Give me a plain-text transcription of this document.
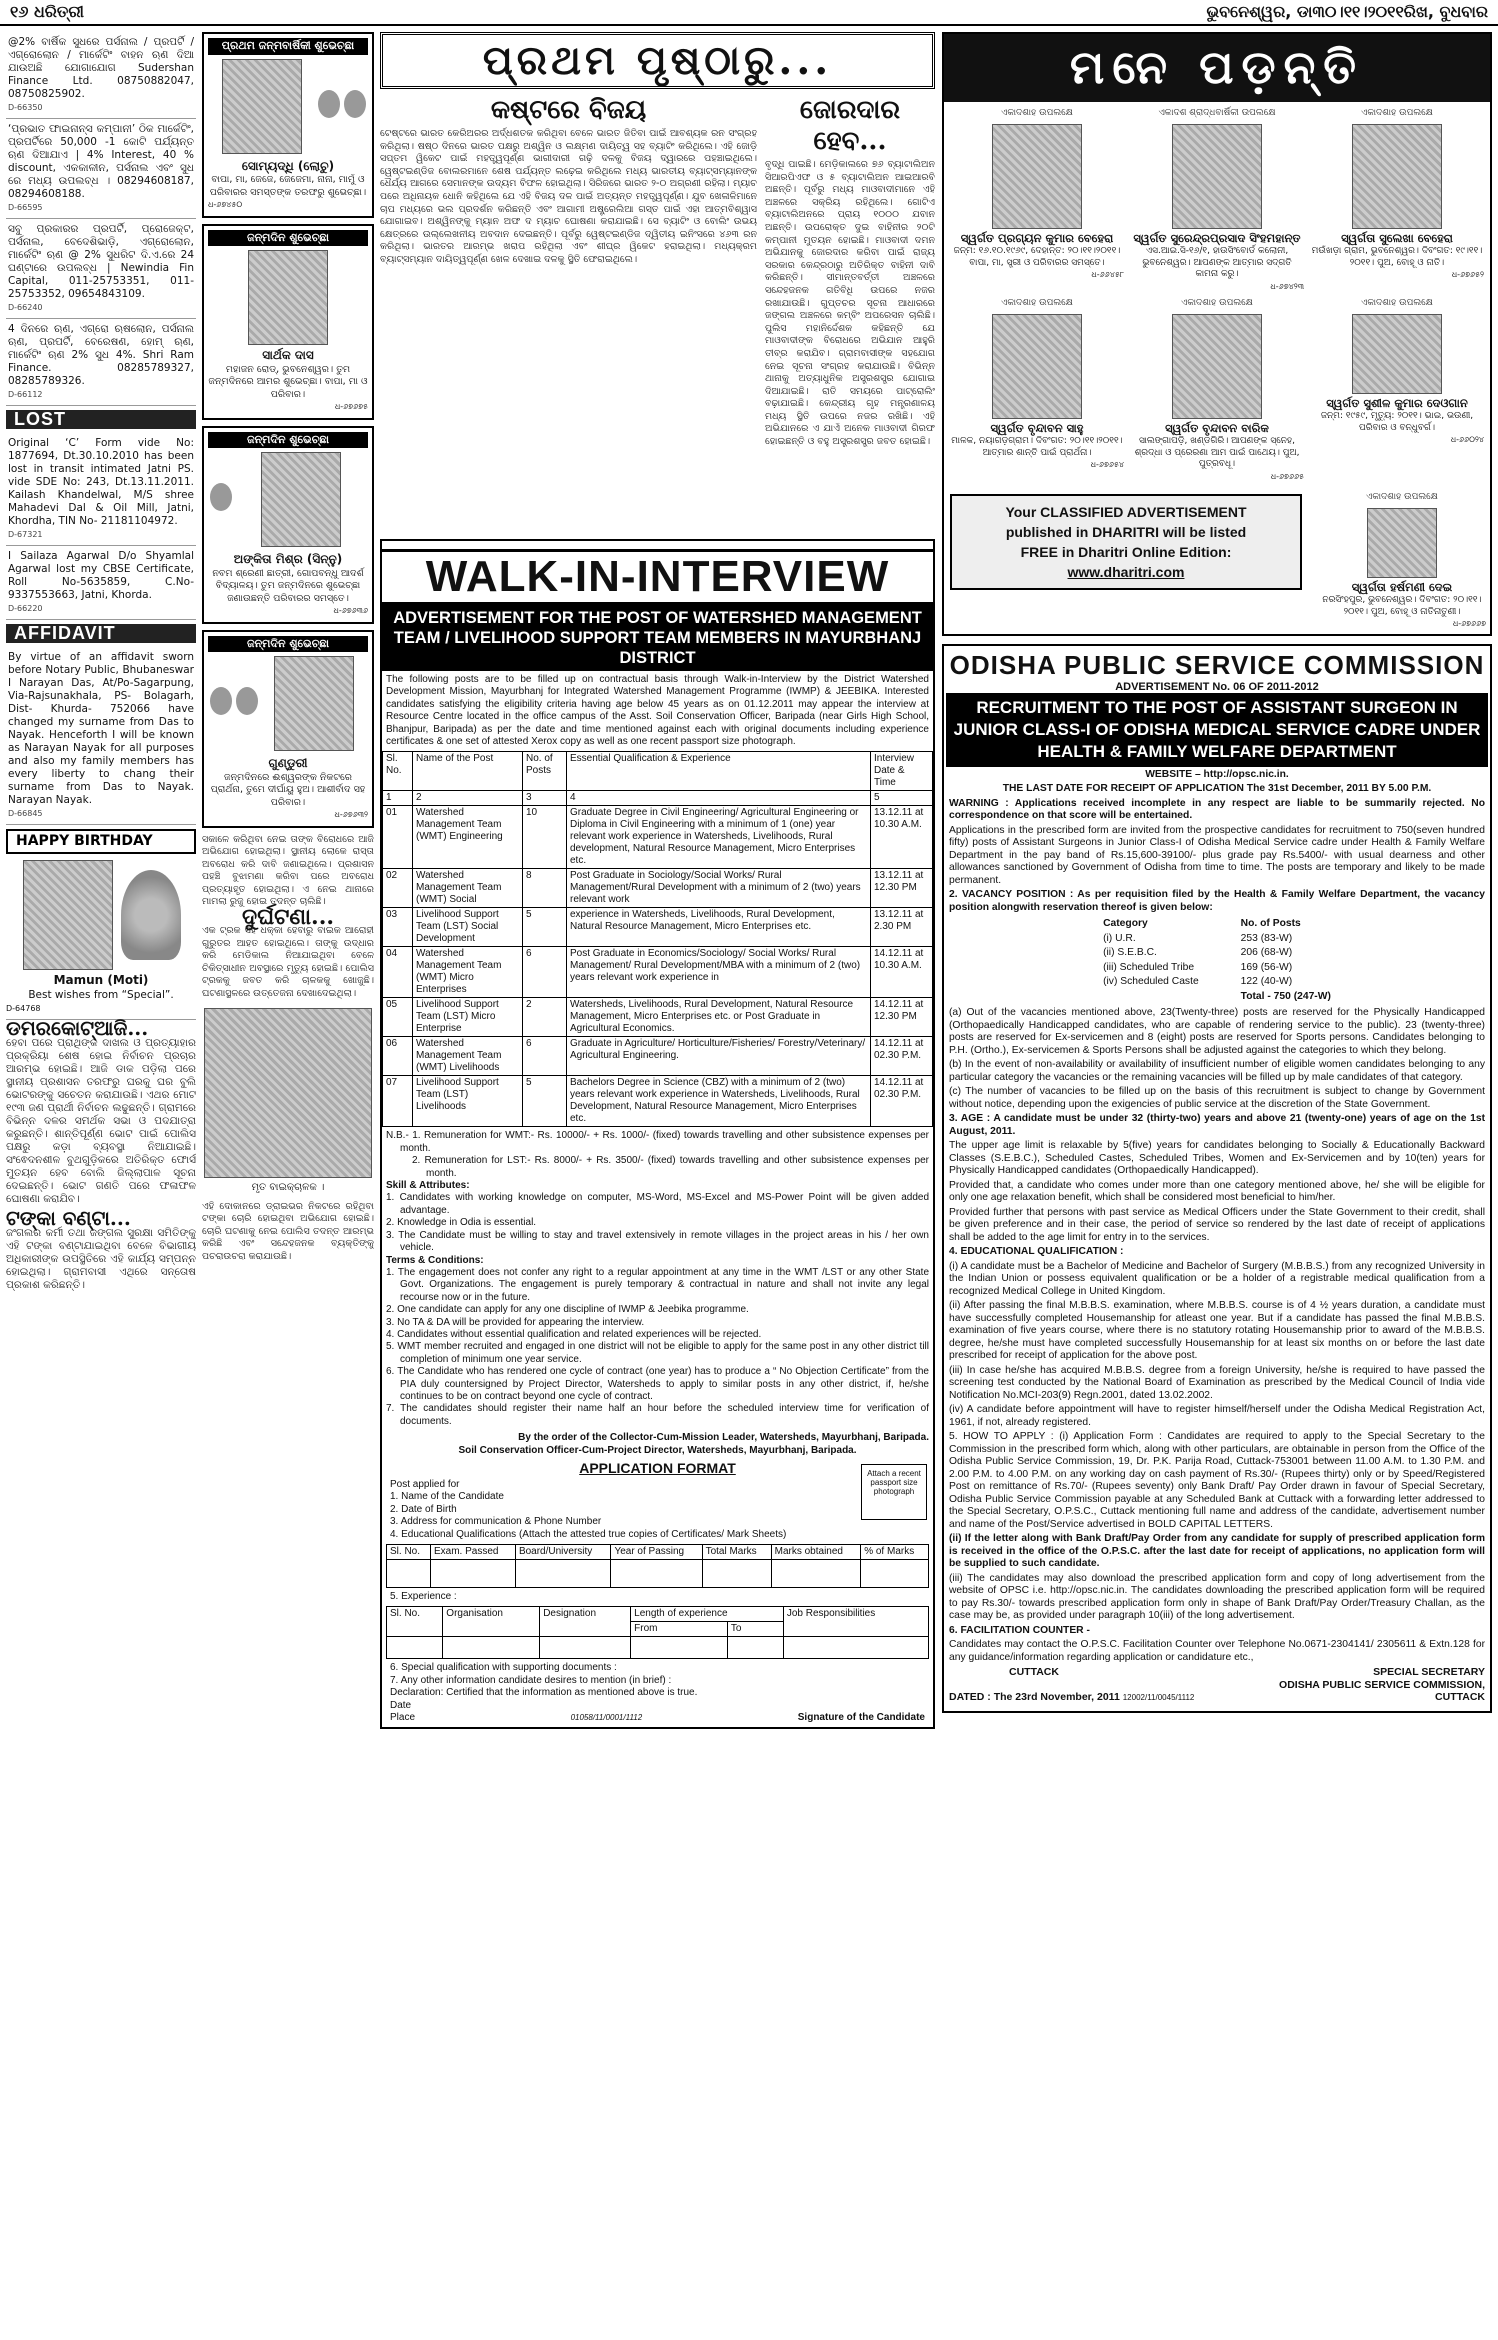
୧୬ ଧରିତ୍ରୀ	ଭୁବନେଶ୍ୱର, ଡା୩୦।୧୧।୨୦୧୧ରିଖ, ବୁଧବାର
@2% ବାର୍ଷିକ ସୁଧରେ ପର୍ସନାଲ / ପ୍ରପର୍ଟି / ଏଗ୍ରୋଲୋନ / ମାର୍କେଟିଂ ବାହନ ଋଣ ଦିଆ ଯାଉଅଛି ଯୋଗାଯୋଗ Sudershan Finance Ltd. 08750882047, 08750825902.
D-66350
‘ପ୍ରଭାତ ଫାଇନାନ୍ସ କମ୍ପାନୀ’ ଠିକ ମାର୍କେଟିଂ, ପ୍ରପର୍ଟିରେ 50,000 -1 କୋଟି ପର୍ଯ୍ୟନ୍ତ ଋଣ ଦିଆଯାଏ | 4% Interest, 40 % discount, ଏକକାଳୀନ, ପର୍ସନାଲ ଏବଂ ସୁଧ ରେ ମଧ୍ୟ ଉପଲବ୍ଧ । 08294608187, 08294608188.
D-66595
ସବୁ ପ୍ରକାରର ପ୍ରପର୍ଟି, ପ୍ରୋଜେକ୍ଟ, ପର୍ସନାଲ, ବେଦେଶିଭାଡ଼ି, ଏଗ୍ରୋଲୋନ, ମାର୍କେଟିଂ ଋଣ @ 2% ସୁଧରିଟ ଦି.ଏ.ରେ 24 ଘଣ୍ଟାରେ ଉପଲବ୍ଧ | Newindia Fin Capital, 011-25753351, 011-25753352, 09654843109.
D-66240
4 ଦିନରେ ଋଣ, ଏଗ୍ରୋ ଋଷଲୋନ, ପର୍ସନାଲ ଋଣ, ପ୍ରପର୍ଟି, ବେରେଷଣ, ହୋମ୍ ଋଣ, ମାର୍କେଟିଂ ଋଣ 2% ସୁଧ 4%. Shri Ram Finance. 08285789327, 08285789326.
D-66112
LOST
Original ‘C’ Form vide No: 1877694, Dt.30.10.2010 has been lost in transit intimated Jatni PS. vide SDE No: 243, Dt.13.11.2011. Kailash Khandelwal, M/S shree Mahadevi Dal & Oil Mill, Jatni, Khordha, TIN No- 21181104972.
D-67321
I Sailaza Agarwal D/o Shyamlal Agarwal lost my CBSE Certificate, Roll No-5635859, C.No-9337553663, Jatni, Khorda.
D-66220
AFFIDAVIT
By virtue of an affidavit sworn before Notary Public, Bhubaneswar I Narayan Das, At/Po-Sagarpung, Via-Rajsunakhala, PS- Bolagarh, Dist- Khurda- 752066 have changed my surname from Das to Nayak. Henceforth I will be known as Narayan Nayak for all purposes and also my family members has every liberty to chang their surname from Das to Nayak. Narayan Nayak.
D-66845
HAPPY BIRTHDAY
Mamun (Moti)
Best wishes from “Special”.
D-64768
ଡମରକୋଟ୍‌ଆଜି...
ହେବା ପରେ ପ୍ରାଥିଙ୍କ ଦାଖଲ ଓ ପ୍ରତ୍ୟାହାର ପ୍ରକ୍ରିୟା ଶେଷ ହୋଇ ନିର୍ବାଚନ ପ୍ରଚାର ଆରମ୍ଭ ହୋଇଛି। ଆଜି ଡାକ ପଡ଼ିଲା ପରେ ସ୍ଥାନୀୟ ପ୍ରଶାସନ ତରଫରୁ ଘରକୁ ଘର ବୁଲି ଭୋଟରଙ୍କୁ ସଚେତନ କରାଯାଉଛି। ଏଥର ମୋଟ ୧୯୩ ଜଣ ପ୍ରାର୍ଥୀ ନିର୍ବାଚନ ଲଢୁଛନ୍ତି। ଗ୍ରାମରେ ବିଭିନ୍ନ ଦଳର ସମର୍ଥକ ସଭା ଓ ପଦଯାତ୍ରା କରୁଛନ୍ତି। ଶାନ୍ତିପୂର୍ଣ୍ଣ ଭୋଟ ପାଇଁ ପୋଲିସ ପକ୍ଷରୁ କଡ଼ା ବ୍ୟବସ୍ଥା ନିଆଯାଇଛି। ସଂଵେଦନଶୀଳ ବୁଥଗୁଡ଼ିକରେ ଅତିରିକ୍ତ ଫୋର୍ସ ମୁତୟନ ହେବ ବୋଲି ଜିଲ୍ଲାପାଳ ସୂଚନା ଦେଇଛନ୍ତି। ଭୋଟ ଗଣତି ପରେ ଫଳାଫଳ ଘୋଷଣା କରାଯିବ।
ଟଙ୍କା ବଣ୍ଟା...
ଜଂଗଲର କର୍ମୀ ତଥା ଜଙ୍ଗଲ ସୁରକ୍ଷା ସମିତିଙ୍କୁ ଏହି ଟଙ୍କା ବଣ୍ଟାଯାଇଥିବା ବେଳେ ବିଭାଗୀୟ ଅଧିକାରୀଙ୍କ ଉପସ୍ଥିତିରେ ଏହି କାର୍ଯ୍ୟ ସମ୍ପନ୍ନ ହୋଇଥିଲା। ଗ୍ରାମବାସୀ ଏଥିରେ ସନ୍ତୋଷ ପ୍ରକାଶ କରିଛନ୍ତି।
ପ୍ରଥମ ଜନ୍ମବାର୍ଷିକୀ ଶୁଭେଚ୍ଛା
ସୋମ୍ୟଦ୍ଧି (ଲୋଚୁ)
ବାପା, ମା, ଜେଜେ, ଜେଜେମା, ନାନା, ମାମୁଁ ଓ ପରିବାରର ସମସ୍ତଙ୍କ ତରଫରୁ ଶୁଭେଚ୍ଛା।
ଧ-୬୭୪୫୦
ଜନ୍ମଦିନ ଶୁଭେଚ୍ଛା
ସାର୍ଥକ ଦାସ
ମହାଜନ ରୋଡ୍, ଭୁବନେଶ୍ୱର। ତୁମ ଜନ୍ମଦିନରେ ଆମର ଶୁଭେଚ୍ଛା। ବାପା, ମା ଓ ପରିବାର।
ଧ-୬୭୬୭୫
ଜନ୍ମଦିନ ଶୁଭେଚ୍ଛା
ଅଙ୍କିତା ମିଶ୍ର (ସିନ୍ନୁ)
ନବମ ଶ୍ରେଣୀ ଛାତ୍ରୀ, ଗୋପବନ୍ଧୁ ଆଦର୍ଶ ବିଦ୍ୟାଳୟ। ତୁମ ଜନ୍ମଦିନରେ ଶୁଭେଚ୍ଛା ଜଣାଉଛନ୍ତି ପରିବାରର ସମସ୍ତେ।
ଧ-୬୭୬୩୬
ଜନ୍ମଦିନ ଶୁଭେଚ୍ଛା
ଗୁଣ୍ଡୁରୀ
ଜନ୍ମଦିନରେ ଈଶ୍ୱରଙ୍କ ନିକଟରେ ପ୍ରାର୍ଥନା, ତୁମେ ଦୀର୍ଘାୟୁ ହୁଅ। ଆଶୀର୍ବାଦ ସହ ପରିବାର।
ଧ-୬୭୬୩୨
ସକାଳେ କରିଥିବା ନେଇ ତାଙ୍କ ବିରୋଧରେ ଆଜି ଅଭିଯୋଗ ହୋଇଥିଲା। ସ୍ଥାନୀୟ ଲୋକେ ରାସ୍ତା ଅବରୋଧ କରି ଦାବି ଜଣାଇଥିଲେ। ପ୍ରଶାସନ ପହଞ୍ଚି ବୁଝାମଣା କରିବା ପରେ ଅବରୋଧ ପ୍ରତ୍ୟାହୃତ ହୋଇଥିଲା। ଏ ନେଇ ଥାନାରେ ମାମଲା ରୁଜୁ ହୋଇ ତଦନ୍ତ ଚାଲିଛି।
ଦୁର୍ଘଟଣା...
ଏକ ଟ୍ରକ ସହ ଧକ୍କା ହେବାରୁ ବାଇକ ଆରୋହୀ ଗୁରୁତର ଆହତ ହୋଇଥିଲେ। ତାଙ୍କୁ ଉଦ୍ଧାର କରି ମେଡିକାଲ ନିଆଯାଇଥିବା ବେଳେ ଚିକିତ୍ସାଧୀନ ଅବସ୍ଥାରେ ମୃତ୍ୟୁ ହୋଇଛି। ପୋଲିସ ଟ୍ରକକୁ ଜବତ କରି ଚାଳକକୁ ଖୋଜୁଛି। ଘଟଣାସ୍ଥଳରେ ଉତ୍ତେଜନା ଦେଖାଦେଇଥିଲା।
ମୃତ ବାଇକ୍‌ଚାଳକ ।
ଏହି ଦୋକାନରେ ଡ୍ରାଇଭର ନିକଟରେ ରହିଥିବା ଟଙ୍କା ଚୋରି ହୋଇଥିବା ଅଭିଯୋଗ ହୋଇଛି। ଚୋରି ଘଟଣାକୁ ନେଇ ପୋଲିସ ତଦନ୍ତ ଆରମ୍ଭ କରିଛି ଏବଂ ସନ୍ଦେହଜନକ ବ୍ୟକ୍ତିଙ୍କୁ ପଚରାଉଚରା କରାଯାଉଛି।
ପ୍ରଥମ ପୃଷ୍ଠାରୁ...
କଷ୍ଟରେ ବିଜୟ
ଟେଷ୍ଟରେ ଭାରତ କେରିଅରର ଅର୍ଦ୍ଧଶତକ କରିଥିବା ବେଳେ ଭାରତ ଜିତିବା ପାଇଁ ଆବଶ୍ୟକ ରନ ସଂଗ୍ରହ କରିଥିଲା। ଷଷ୍ଠ ଦିନରେ ଭାରତ ପକ୍ଷରୁ ଅଶ୍ୱିନ ଓ ଲକ୍ଷ୍ମଣ ଦାୟିତ୍ୱ ସହ ବ୍ୟାଟିଂ କରିଥିଲେ। ଏହି ଜୋଡ଼ି ସପ୍ତମ ୱିକେଟ ପାଇଁ ମହତ୍ତ୍ୱପୂର୍ଣ୍ଣ ଭାଗୀଦାରୀ ଗଢ଼ି ଦଳକୁ ବିଜୟ ଦ୍ୱାରରେ ପହଞ୍ଚାଇଥିଲେ। ୱେଷ୍ଟଇଣ୍ଡିଜ ବୋଲରମାନେ ଶେଷ ପର୍ଯ୍ୟନ୍ତ ଲଢ଼େଇ କରିଥିଲେ ମଧ୍ୟ ଭାରତୀୟ ବ୍ୟାଟ୍ସମ୍ୟାନଙ୍କ ଧୈର୍ଯ୍ୟ ଆଗରେ ସେମାନଙ୍କ ଉଦ୍ୟମ ବିଫଳ ହୋଇଥିଲା। ସିରିଜରେ ଭାରତ ୨-୦ ଅଗ୍ରଣୀ ରହିଲା। ମ୍ୟାଚ ପରେ ଅଧିନାୟକ ଧୋନି କହିଥିଲେ ଯେ ଏହି ବିଜୟ ଦଳ ପାଇଁ ଅତ୍ୟନ୍ତ ମହତ୍ତ୍ୱପୂର୍ଣ୍ଣ। ଯୁବ ଖେଳାଳିମାନେ ଚାପ ମଧ୍ୟରେ ଭଲ ପ୍ରଦର୍ଶନ କରିଛନ୍ତି ଏବଂ ଆଗାମୀ ଅଷ୍ଟ୍ରେଲିଆ ଗସ୍ତ ପାଇଁ ଏହା ଆତ୍ମବିଶ୍ୱାସ ଯୋଗାଇବ। ଅଶ୍ୱିନଙ୍କୁ ମ୍ୟାନ ଅଫ ଦ ମ୍ୟାଚ ଘୋଷଣା କରାଯାଇଛି। ସେ ବ୍ୟାଟିଂ ଓ ବୋଲିଂ ଉଭୟ କ୍ଷେତ୍ରରେ ଉଲ୍ଲେଖନୀୟ ଅବଦାନ ଦେଇଛନ୍ତି। ପୂର୍ବରୁ ୱେଷ୍ଟଇଣ୍ଡିଜ ଦ୍ୱିତୀୟ ଇନିଂସରେ ୪୬୩ ରନ କରିଥିଲା। ଭାରତର ଆରମ୍ଭ ଖରାପ ରହିଥିଲା ଏବଂ ଶୀଘ୍ର ୱିକେଟ ହରାଇଥିଲା। ମଧ୍ୟକ୍ରମ ବ୍ୟାଟ୍ସମ୍ୟାନ ଦାୟିତ୍ୱପୂର୍ଣ୍ଣ ଖେଳ ଦେଖାଇ ଦଳକୁ ସ୍ଥିତି ଫେରାଇଥିଲେ।
ଜୋରଦାର ହେବ...
ବୃଦ୍ଧି ପାଇଛି। ମେଡ଼ିକାଲରେ ୭୬ ବ୍ୟାଟାଲିଅନ ସିଆରପିଏଫ ଓ ୫ ବ୍ୟାଟାଲିଅନ ଆଇଆରବି ଅଛନ୍ତି। ପୂର୍ବରୁ ମଧ୍ୟ ମାଓବାଦୀମାନେ ଏହି ଅଞ୍ଚଳରେ ସକ୍ରିୟ ରହିଥିଲେ। ଗୋଟିଏ ବ୍ୟାଟାଲିଅନରେ ପ୍ରାୟ ୧୦୦୦ ଯବାନ ଅଛନ୍ତି। ଉପରୋକ୍ତ ଦୁଇ ବାହିନୀର ୨୦ଟି କମ୍ପାନୀ ମୁତୟନ ହୋଇଛି। ମାଓବାଦୀ ଦମନ ଅଭିଯାନକୁ ଜୋରଦାର କରିବା ପାଇଁ ରାଜ୍ୟ ସରକାର କେନ୍ଦ୍ରଠାରୁ ଅତିରିକ୍ତ ବାହିନୀ ଦାବି କରିଛନ୍ତି। ସୀମାନ୍ତବର୍ତ୍ତୀ ଅଞ୍ଚଳରେ ସନ୍ଦେହଜନକ ଗତିବିଧି ଉପରେ ନଜର ରଖାଯାଉଛି। ଗୁପ୍ତଚର ସୂଚନା ଆଧାରରେ ଜଙ୍ଗଲ ଅଞ୍ଚଳରେ କମ୍ବିଂ ଅପରେସନ ଚାଲିଛି। ପୁଲିସ ମହାନିର୍ଦ୍ଦେଶକ କହିଛନ୍ତି ଯେ ମାଓବାଦୀଙ୍କ ବିରୋଧରେ ଅଭିଯାନ ଆହୁରି ତୀବ୍ର କରାଯିବ। ଗ୍ରାମବାସୀଙ୍କ ସହଯୋଗ ନେଇ ସୂଚନା ସଂଗ୍ରହ କରାଯାଉଛି। ବିଭିନ୍ନ ଥାନାକୁ ଅତ୍ୟାଧୁନିକ ଅସ୍ତ୍ରଶସ୍ତ୍ର ଯୋଗାଇ ଦିଆଯାଇଛି। ରାତି ସମୟରେ ପାଟ୍ରୋଲିଂ ବଢ଼ାଯାଇଛି। କେନ୍ଦ୍ରୀୟ ଗୃହ ମନ୍ତ୍ରଣାଳୟ ମଧ୍ୟ ସ୍ଥିତି ଉପରେ ନଜର ରଖିଛି। ଏହି ଅଭିଯାନରେ ଏ ଯାଏଁ ଅନେକ ମାଓବାଦୀ ଗିରଫ ହୋଇଛନ୍ତି ଓ ବହୁ ଅସ୍ତ୍ରଶସ୍ତ୍ର ଜବତ ହୋଇଛି।
WALK-IN-INTERVIEW
ADVERTISEMENT FOR THE POST OF WATERSHED MANAGEMENT TEAM / LIVELIHOOD SUPPORT TEAM MEMBERS IN MAYURBHANJ DISTRICT
The following posts are to be filled up on contractual basis through Walk-in-Interview by the District Watershed Development Mission, Mayurbhanj for Integrated Watershed Management Programme (IWMP) & JEEBIKA. Interested candidates satisfying the eligibility criteria having age below 45 years as on 01.12.2011 may appear the interview at Resource Centre located in the office campus of the Asst. Soil Conservation Officer, Baripada (near Girls High School, Bhanjpur, Baripada) as per the date and time mentioned against each with original documents including experience certificates & one set of attested Xerox copy as well as one recent passport size photograph.
Sl. No.	Name of the Post	No. of Posts	Essential Qualification & Experience	Interview Date & Time
1	2	3	4	5
01	Watershed Management Team (WMT) Engineering	10	Graduate Degree in Civil Engineering/ Agricultural Engineering or Diploma in Civil Engineering with a minimum of 1 (one) year relevant work experience in Watersheds, Livelihoods, Rural development, Natural Resource Management, Micro Enterprises etc.	13.12.11 at 10.30 A.M.
02	Watershed Management Team (WMT) Social	8	Post Graduate in Sociology/Social Works/ Rural Management/Rural Development with a minimum of 2 (two) years relevant work	13.12.11 at 12.30 PM
03	Livelihood Support Team (LST) Social Development	5	experience in Watersheds, Livelihoods, Rural Development, Natural Resource Management, Micro Enterprises etc.	13.12.11 at 2.30 PM
04	Watershed Management Team (WMT) Micro Enterprises	6	Post Graduate in Economics/Sociology/ Social Works/ Rural Management/ Rural Development/MBA with a minimum of 2 (two) years relevant work experience in	14.12.11 at 10.30 A.M.
05	Livelihood Support Team (LST) Micro Enterprise	2	Watersheds, Livelihoods, Rural Development, Natural Resource Management, Micro Enterprises etc. or Post Graduate in Agricultural Economics.	14.12.11 at 12.30 PM
06	Watershed Management Team (WMT) Livelihoods	6	Graduate in Agriculture/ Horticulture/Fisheries/ Forestry/Veterinary/ Agricultural Engineering.	14.12.11 at 02.30 P.M.
07	Livelihood Support Team (LST) Livelihoods	5	Bachelors Degree in Science (CBZ) with a minimum of 2 (two) years relevant work experience in Watersheds, Livelihoods, Rural Development, Natural Resource Management, Micro Enterprises etc.	14.12.11 at 02.30 P.M.
N.B.- 1. Remuneration for WMT:- Rs. 10000/- + Rs. 1000/- (fixed) towards travelling and other subsistence expenses per month.
2. Remuneration for LST:- Rs. 8000/- + Rs. 3500/- (fixed) towards travelling and other subsistence expenses per month.
Skill & Attributes:
1. Candidates with working knowledge on computer, MS-Word, MS-Excel and MS-Power Point will be given added advantage.
2. Knowledge in Odia is essential.
3. The Candidate must be willing to stay and travel extensively in remote villages in the project areas in his / her own vehicle.
Terms & Conditions:
1. The engagement does not confer any right to a regular appointment at any time in the WMT /LST or any other State Govt. Organizations. The engagement is purely temporary & contractual in nature and shall not invite any legal recourse now or in the future.
2. One candidate can apply for any one discipline of IWMP & Jeebika programme.
3. No TA & DA will be provided for appearing the interview.
4. Candidates without essential qualification and related experiences will be rejected.
5. WMT member recruited and engaged in one district will not be eligible to apply for the same post in any other district till completion of minimum one year service.
6. The Candidate who has rendered one cycle of contract (one year) has to produce a “ No Objection Certificate” from the PIA duly countersigned by Project Director, Watersheds to apply to similar posts in any other district, if, he/she continues to be on contract beyond one cycle of contract.
7. The candidates should register their name half an hour before the scheduled interview time for verification of documents.
By the order of the Collector-Cum-Mission Leader, Watersheds, Mayurbhanj, Baripada.
Soil Conservation Officer-Cum-Project Director, Watersheds, Mayurbhanj, Baripada.
APPLICATION FORMAT	Attach a recent passport size photograph
Post applied for
1. Name of the Candidate
2. Date of Birth
3. Address for communication & Phone Number
4. Educational Qualifications (Attach the attested true copies of Certificates/ Mark Sheets)
Sl. No.	Exam. Passed	Board/University	Year of Passing	Total Marks	Marks obtained	% of Marks

5. Experience :
Sl. No.	Organisation	Designation	Length of experience		Job Responsibilities
			From	To	

6. Special qualification with supporting documents :
7. Any other information candidate desires to mention (in brief) :
Declaration: Certified that the information as mentioned above is true.
Date
Place	01058/11/0001/1112	Signature of the Candidate
ମନେ ପଡ଼ନ୍ତି
ଏକାଦଶାହ ଉପଲକ୍ଷେ
ସ୍ୱର୍ଗତ ପ୍ରଗ୍ୟନ କୁମାର ବେହେରା
ଜନ୍ମ: ୧୬.୧୦.୧୯୬୯, ଦେହାନ୍ତ: ୨୦।୧୧।୨୦୧୧। ବାପା, ମା, ସ୍ତ୍ରୀ ଓ ପରିବାରର ସମସ୍ତେ।
ଧ-୬୬୪୫୮
ଏକାଦଶ ଶ୍ରାଦ୍ଧବାର୍ଷିକୀ ଉପଲକ୍ଷେ
ସ୍ୱର୍ଗତ ସୁରେନ୍ଦ୍ରପ୍ରସାଦ ସିଂହମହାନ୍ତ
ଏସ.ଆଇ.ସି-୧୬/୧, ହାଉସିଂବୋର୍ଡ କଲୋନୀ, ଭୁବନେଶ୍ୱର। ଆପଣଙ୍କ ଆତ୍ମାର ସଦ୍‌ଗତି କାମନା କରୁ।
ଧ-୬୭୪୨୩
ଏକାଦଶାହ ଉପଲକ୍ଷେ
ସ୍ୱର୍ଗତା ସୁଲେଖା ବେହେରା
ମଉଁଖଡ଼ା ଗ୍ରାମ, ଭୁବନେଶ୍ୱର। ଦିବଂଗତ: ୧୯।୧୧।୨୦୧୧। ପୁଅ, ବୋହୂ ଓ ନାତି।
ଧ-୬୭୬୫୨
ଏକାଦଶାହ ଉପଲକ୍ଷେ
ସ୍ୱର୍ଗତ ବୃନ୍ଦାବନ ସାହୁ
ମାଳକ, ନୟାଗଡ଼ଗ୍ରାମ। ଦିବଂଗତ: ୨୦।୧୧।୨୦୧୧। ଆତ୍ମାର ଶାନ୍ତି ପାଇଁ ପ୍ରାର୍ଥନା।
ଧ-୬୭୬୫୪
ଏକାଦଶାହ ଉପଲକ୍ଷେ
ସ୍ୱର୍ଗତ ବୃନ୍ଦାବନ ବାରିକ
ସାଲଙ୍ଗାପଡ଼ି, ଖଣ୍ଡଗିରି। ଆପଣଙ୍କ ସ୍ନେହ, ଶ୍ରଦ୍ଧା ଓ ପ୍ରେରଣା ଆମ ପାଇଁ ପାଥେୟ। ପୁଅ, ପୁତ୍ରବଧୂ।
ଧ-୬୭୬୬୫
ଏକାଦଶାହ ଉପଲକ୍ଷେ
ସ୍ୱର୍ଗତ ସୁଶୀଳ କୁମାର ଦେଓଗାନ
ଜନ୍ମ: ୧୯୫୯, ମୃତ୍ୟୁ: ୨୦୧୧। ଭାଇ, ଭଉଣୀ, ପରିବାର ଓ ବନ୍ଧୁବର୍ଗ।
ଧ-୬୬୦୨୪
Your CLASSIFIED ADVERTISEMENT
published in DHARITRI will be listed
FREE in Dharitri Online Edition:
www.dharitri.com
ଏକାଦଶାହ ଉପଲକ୍ଷେ
ସ୍ୱର୍ଗତା ହର୍ଷମଣୀ ଦେଇ
ନରସିଂହପୁର, ଭୁବନେଶ୍ୱର। ଦିବଂଗତ: ୨୦।୧୧।୨୦୧୧। ପୁଅ, ବୋହୂ ଓ ନାତିନାତୁଣୀ।
ଧ-୬୭୬୬୭
ODISHA PUBLIC SERVICE COMMISSION
ADVERTISEMENT No. 06 OF 2011-2012
RECRUITMENT TO THE POST OF ASSISTANT SURGEON IN JUNIOR CLASS-I OF ODISHA MEDICAL SERVICE CADRE UNDER HEALTH & FAMILY WELFARE DEPARTMENT

WEBSITE – http://opsc.nic.in.

THE LAST DATE FOR RECEIPT OF APPLICATION The 31st December, 2011 BY 5.00 P.M.

WARNING : Applications received incomplete in any respect are liable to be summarily rejected. No correspondence on that score will be entertained.

Applications in the prescribed form are invited from the prospective candidates for recruitment to 750(seven hundred fifty) posts of Assistant Surgeons in Junior Class-I of Odisha Medical Service cadre under Health & Family Welfare Department in the pay band of Rs.15,600-39100/- plus grade pay Rs.5400/- with usual dearness and other allowances sanctioned by Government of Odisha from time to time. The posts are temporary and likely to be made permanent.

2. VACANCY POSITION : As per requisition filed by the Health & Family Welfare Department, the vacancy position alongwith reservation thereof is given below:

Category	No. of Posts
(i) U.R.	253 (83-W)
(ii) S.E.B.C.	206 (68-W)
(iii) Scheduled Tribe	169 (56-W)
(iv) Scheduled Caste	122 (40-W)
	Total - 750 (247-W)

(a) Out of the vacancies mentioned above, 23(Twenty-three) posts are reserved for the Physically Handicapped (Orthopaedically Handicapped candidates, who are capable of rendering service to the public). 23 (twenty-three) posts are reserved for Ex-servicemen and 8 (eight) posts are reserved for Sports persons. Candidates belonging to P.H. (Ortho.), Ex-servicemen & Sports Persons shall be adjusted against the categories to which they belong.

(b) In the event of non-availability or availability of insufficient number of eligible women candidates belonging to any particular category the vacancies or the remaining vacancies will be filled up by male candidates of that category.

(c) The number of vacancies to be filled up on the basis of this recruitment is subject to change by Government without notice, depending upon the exigencies of public service at the discretion of the State Government.

3. AGE : A candidate must be under 32 (thirty-two) years and above 21 (twenty-one) years of age on the 1st August, 2011.

The upper age limit is relaxable by 5(five) years for candidates belonging to Socially & Educationally Backward Classes (S.E.B.C.), Scheduled Castes, Scheduled Tribes, Women and Ex-Servicemen and by 10(ten) years for Physically Handicapped candidates (Orthopaedically Handicapped).

Provided that, a candidate who comes under more than one category mentioned above, he/ she will be eligible for only one age relaxation benefit, which shall be considered most beneficial to him/her.

Provided further that persons with past service as Medical Officers under the State Government to their credit, shall be given preference and in their case, the period of service so rendered by the last date of receipt of applications shall be added to the age limit for entry in to the services.

4. EDUCATIONAL QUALIFICATION :

(i) A candidate must be a Bachelor of Medicine and Bachelor of Surgery (M.B.B.S.) from any recognized University in the Indian Union or possess equivalent qualification or be a holder of a registrable medical qualification from a recognized Medical College in United Kingdom.

(ii) After passing the final M.B.B.S. examination, where M.B.B.S. course is of 4 ½ years duration, a candidate must have successfully completed Housemanship for atleast one year. But if a candidate has passed the final M.B.B.S. examination of five years course, where there is no statutory rotating Housemanship prior to award of the M.B.B.S. degree, he/she must have completed successfully Housemanship for at least six months on or before the last date prescribed for receipt of application for the above post.

(iii) In case he/she has acquired M.B.B.S. degree from a foreign University, he/she is required to have passed the screening test conducted by the National Board of Examination as prescribed by the Medical Council of India vide Notification No.MCI-203(9) Regn.2001, dated 13.02.2002.

(iv) A candidate before appointment will have to register himself/herself under the Odisha Medical Registration Act, 1961, if not, already registered.

5. HOW TO APPLY : (i) Application Form : Candidates are required to apply to the Special Secretary to the Commission in the prescribed form which, along with other particulars, are obtainable in person from the Office of the Odisha Public Service Commission, 19, Dr. P.K. Parija Road, Cuttack-753001 between 11.00 A.M. to 1.30 P.M. and 2.00 P.M. to 4.00 P.M. on any working day on cash payment of Rs.30/- (Rupees thirty) only or by Speed/Registered Post on remittance of Rs.70/- (Rupees seventy) only Bank Draft/ Pay Order drawn in favour of Special Secretary, Odisha Public Service Commission payable at any Scheduled Bank at Cuttack with a forwarding letter addressed to the Special Secretary, O.P.S.C., Cuttack mentioning full name and address of the candidate, advertisement number and name of the Post/Service advertised in BOLD CAPITAL LETTERS.

(ii) If the letter along with Bank Draft/Pay Order from any candidate for supply of prescribed application form is received in the office of the O.P.S.C. after the last date for receipt of applications, no application form will be supplied to such candidate.

(iii) The candidates may also download the prescribed application form and copy of long advertisement from the website of OPSC i.e. http://opsc.nic.in. The candidates downloading the prescribed application form will be required to pay Rs.30/- towards prescribed application form only in shape of Bank Draft/Pay Order/Treasury Challan, as the case may be, as provided under paragraph 10(iii) of the long advertisement.

6. FACILITATION COUNTER -

Candidates may contact the O.P.S.C. Facilitation Counter over Telephone No.0671-2304141/ 2305611 & Extn.128 for any guidance/information regarding application or candidature etc.,

CUTTACK	SPECIAL SECRETARY
ODISHA PUBLIC SERVICE COMMISSION,
DATED : The 23rd November, 2011 12002/11/0045/1112	CUTTACK
